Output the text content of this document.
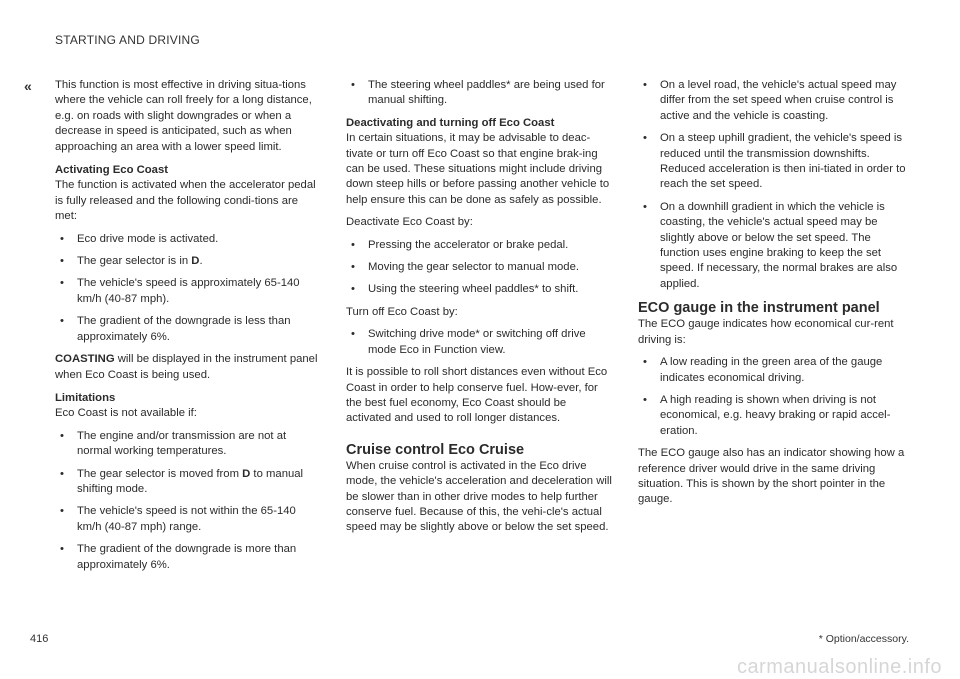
STARTING AND DRIVING
« This function is most effective in driving situa-tions where the vehicle can roll freely for a long distance, e.g. on roads with slight downgrades or when a decrease in speed is anticipated, such as when approaching an area with a lower speed limit.

Activating Eco Coast

The function is activated when the accelerator pedal is fully released and the following condi-tions are met:

• Eco drive mode is activated.
• The gear selector is in D.
• The vehicle's speed is approximately 65-140 km/h (40-87 mph).
• The gradient of the downgrade is less than approximately 6%.

COASTING will be displayed in the instrument panel when Eco Coast is being used.

Limitations

Eco Coast is not available if:

• The engine and/or transmission are not at normal working temperatures.
• The gear selector is moved from D to manual shifting mode.
• The vehicle's speed is not within the 65-140 km/h (40-87 mph) range.
• The gradient of the downgrade is more than approximately 6%.
• The steering wheel paddles* are being used for manual shifting.
Deactivating and turning off Eco Coast

In certain situations, it may be advisable to deac-tivate or turn off Eco Coast so that engine brak-ing can be used. These situations might include driving down steep hills or before passing another vehicle to help ensure this can be done as safely as possible.

Deactivate Eco Coast by:

• Pressing the accelerator or brake pedal.
• Moving the gear selector to manual mode.
• Using the steering wheel paddles* to shift.

Turn off Eco Coast by:

• Switching drive mode* or switching off drive mode Eco in Function view.

It is possible to roll short distances even without Eco Coast in order to help conserve fuel. How-ever, for the best fuel economy, Eco Coast should be activated and used to roll longer distances.

Cruise control Eco Cruise

When cruise control is activated in the Eco drive mode, the vehicle's acceleration and deceleration will be slower than in other drive modes to help further conserve fuel. Because of this, the vehi-cle's actual speed may be slightly above or below the set speed.

• On a level road, the vehicle's actual speed may differ from the set speed when cruise control is active and the vehicle is coasting.
• On a steep uphill gradient, the vehicle's speed is reduced until the transmission downshifts. Reduced acceleration is then ini-tiated in order to reach the set speed.
• On a downhill gradient in which the vehicle is coasting, the vehicle's actual speed may be slightly above or below the set speed. The function uses engine braking to keep the set speed. If necessary, the normal brakes are also applied.
ECO gauge in the instrument panel

The ECO gauge indicates how economical cur-rent driving is:

• A low reading in the green area of the gauge indicates economical driving.
• A high reading is shown when driving is not economical, e.g. heavy braking or rapid accel-eration.

The ECO gauge also has an indicator showing how a reference driver would drive in the same driving situation. This is shown by the short pointer in the gauge.

416	* Option/accessory.
carmanualsonline.info
